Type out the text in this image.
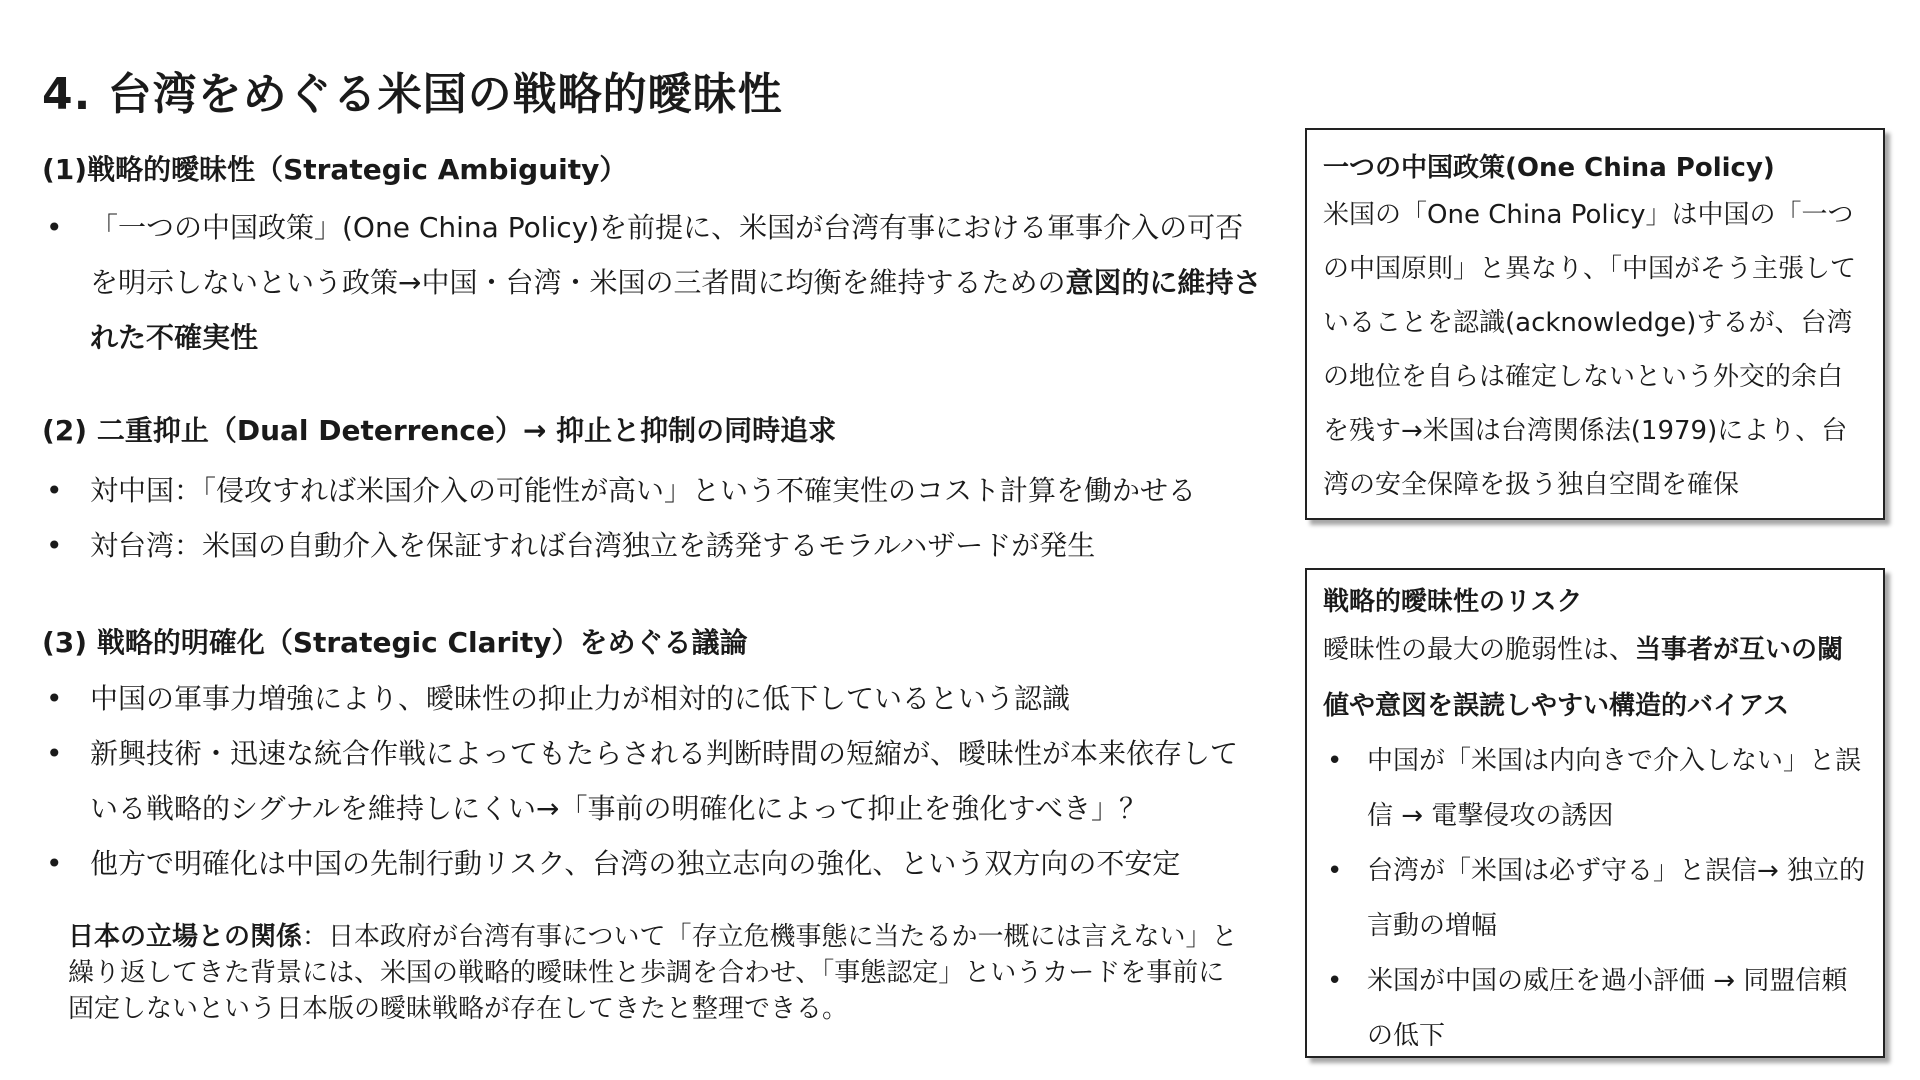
4. 台湾をめぐる米国の戦略的曖昧性

(1)戦略的曖昧性（Strategic Ambiguity）

• 「一つの中国政策」(One China Policy)を前提に、米国が台湾有事における軍事介入の可否を明示しないという政策→中国・台湾・米国の三者間に均衡を維持するための意図的に維持された不確実性

(2) 二重抑止（Dual Deterrence）→ 抑止と抑制の同時追求

• 対中国：「侵攻すれば米国介入の可能性が高い」という不確実性のコスト計算を働かせる
• 対台湾：米国の自動介入を保証すれば台湾独立を誘発するモラルハザードが発生

(3) 戦略的明確化（Strategic Clarity）をめぐる議論

• 中国の軍事力増強により、曖昧性の抑止力が相対的に低下しているという認識
• 新興技術・迅速な統合作戦によってもたらされる判断時間の短縮が、曖昧性が本来依存している戦略的シグナルを維持しにくい→「事前の明確化によって抑止を強化すべき」？
• 他方で明確化は中国の先制行動リスク、台湾の独立志向の強化、という双方向の不安定

日本の立場との関係：日本政府が台湾有事について「存立危機事態に当たるか一概には言えない」と繰り返してきた背景には、米国の戦略的曖昧性と歩調を合わせ、「事態認定」というカードを事前に固定しないという日本版の曖昧戦略が存在してきたと整理できる。

一つの中国政策(One China Policy)

米国の「One China Policy」は中国の「一つの中国原則」と異なり、「中国がそう主張していることを認識(acknowledge)するが、台湾の地位を自らは確定しないという外交的余白を残す→米国は台湾関係法(1979)により、台湾の安全保障を扱う独自空間を確保

戦略的曖昧性のリスク

曖昧性の最大の脆弱性は、当事者が互いの閾値や意図を誤読しやすい構造的バイアス

• 中国が「米国は内向きで介入しない」と誤信 → 電撃侵攻の誘因
• 台湾が「米国は必ず守る」と誤信→ 独立的言動の増幅
• 米国が中国の威圧を過小評価 → 同盟信頼の低下
